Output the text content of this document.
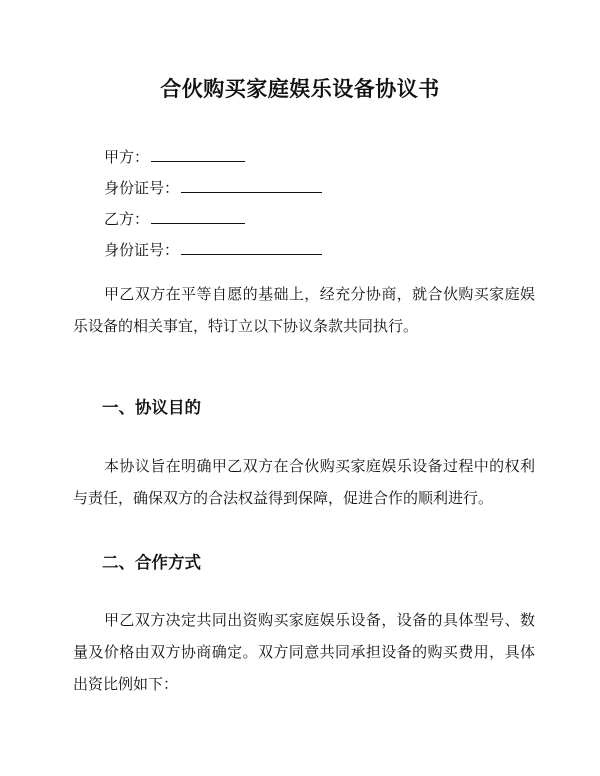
合伙购买家庭娱乐设备协议书
甲方：
身份证号：
乙方：
身份证号：

甲乙双方在平等自愿的基础上，经充分协商，就合伙购买家庭娱乐设备的相关事宜，特订立以下协议条款共同执行。

一、协议目的

本协议旨在明确甲乙双方在合伙购买家庭娱乐设备过程中的权利与责任，确保双方的合法权益得到保障，促进合作的顺利进行。

二、合作方式

甲乙双方决定共同出资购买家庭娱乐设备，设备的具体型号、数量及价格由双方协商确定。双方同意共同承担设备的购买费用，具体出资比例如下：
